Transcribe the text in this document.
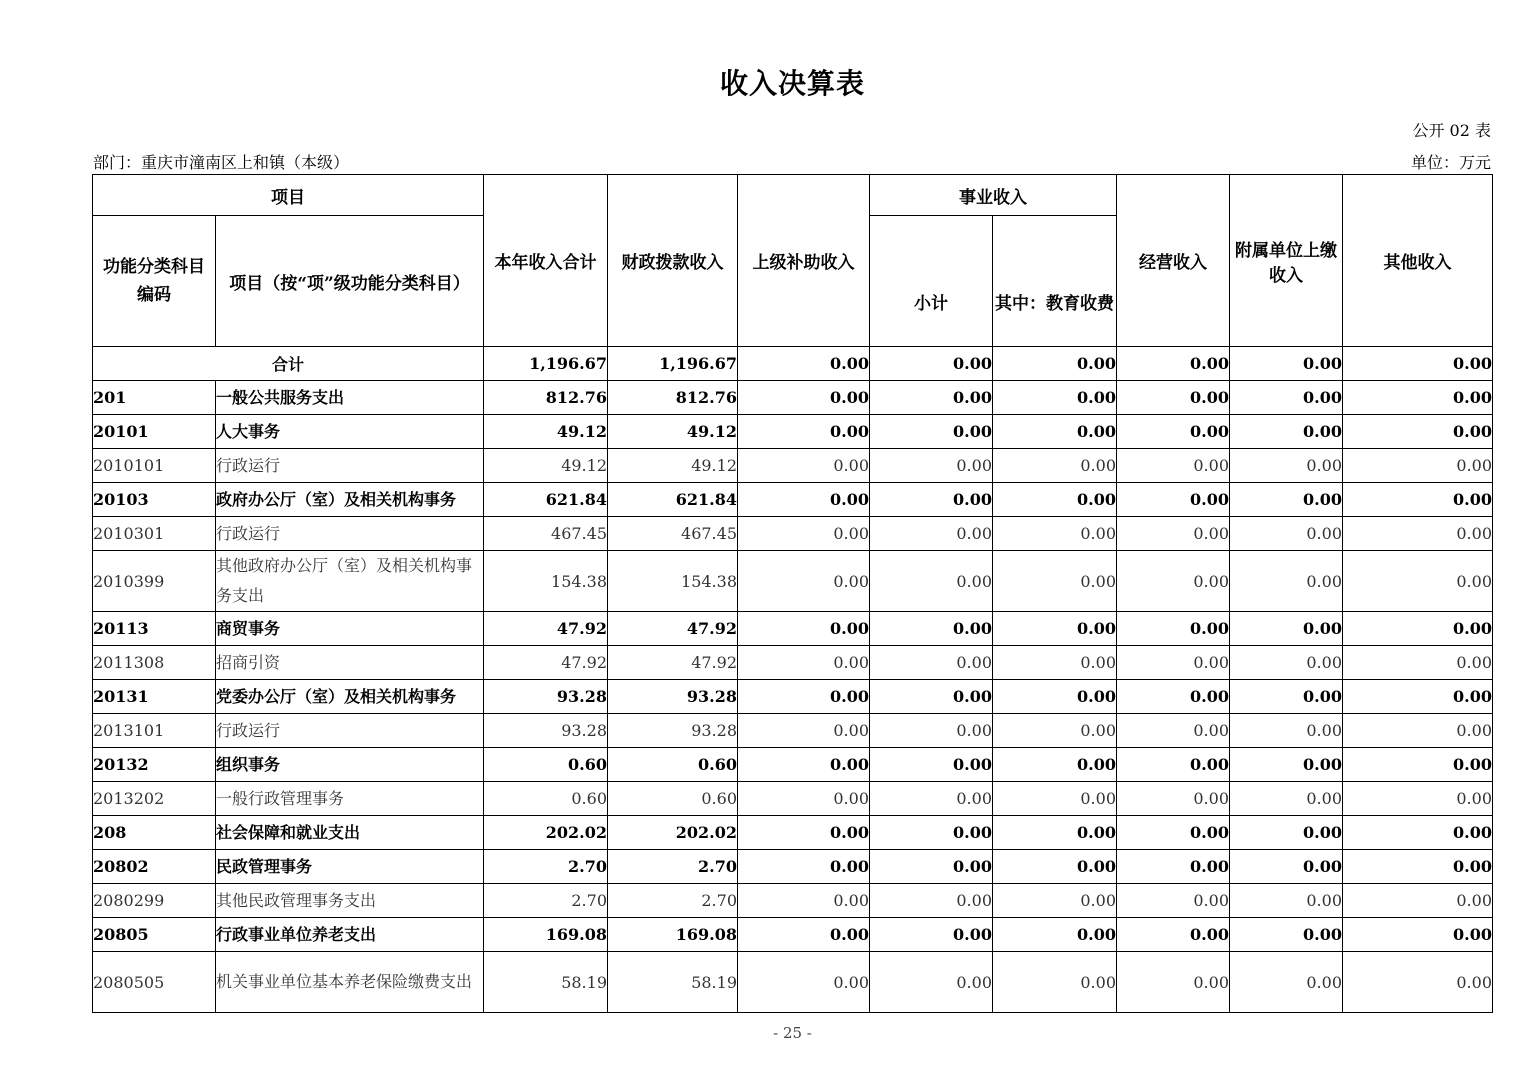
收入决算表
公开 02 表
部门：重庆市潼南区上和镇（本级）	单位：万元
项目		本年收入合计	财政拨款收入	上级补助收入	事业收入		经营收入	附属单位上缴收入	其他收入
功能分类科目编码	项目（按“项”级功能分类科目）				小计	其中：教育收费			

合计		1,196.67	1,196.67	0.00	0.00	0.00	0.00	0.00	0.00
201	一般公共服务支出	812.76	812.76	0.00	0.00	0.00	0.00	0.00	0.00
20101	人大事务	49.12	49.12	0.00	0.00	0.00	0.00	0.00	0.00
2010101	行政运行	49.12	49.12	0.00	0.00	0.00	0.00	0.00	0.00
20103	政府办公厅（室）及相关机构事务	621.84	621.84	0.00	0.00	0.00	0.00	0.00	0.00
2010301	行政运行	467.45	467.45	0.00	0.00	0.00	0.00	0.00	0.00
2010399	其他政府办公厅（室）及相关机构事务支出	154.38	154.38	0.00	0.00	0.00	0.00	0.00	0.00
20113	商贸事务	47.92	47.92	0.00	0.00	0.00	0.00	0.00	0.00
2011308	招商引资	47.92	47.92	0.00	0.00	0.00	0.00	0.00	0.00
20131	党委办公厅（室）及相关机构事务	93.28	93.28	0.00	0.00	0.00	0.00	0.00	0.00
2013101	行政运行	93.28	93.28	0.00	0.00	0.00	0.00	0.00	0.00
20132	组织事务	0.60	0.60	0.00	0.00	0.00	0.00	0.00	0.00
2013202	一般行政管理事务	0.60	0.60	0.00	0.00	0.00	0.00	0.00	0.00
208	社会保障和就业支出	202.02	202.02	0.00	0.00	0.00	0.00	0.00	0.00
20802	民政管理事务	2.70	2.70	0.00	0.00	0.00	0.00	0.00	0.00
2080299	其他民政管理事务支出	2.70	2.70	0.00	0.00	0.00	0.00	0.00	0.00
20805	行政事业单位养老支出	169.08	169.08	0.00	0.00	0.00	0.00	0.00	0.00
2080505	机关事业单位基本养老保险缴费支出	58.19	58.19	0.00	0.00	0.00	0.00	0.00	0.00
- 25 -
